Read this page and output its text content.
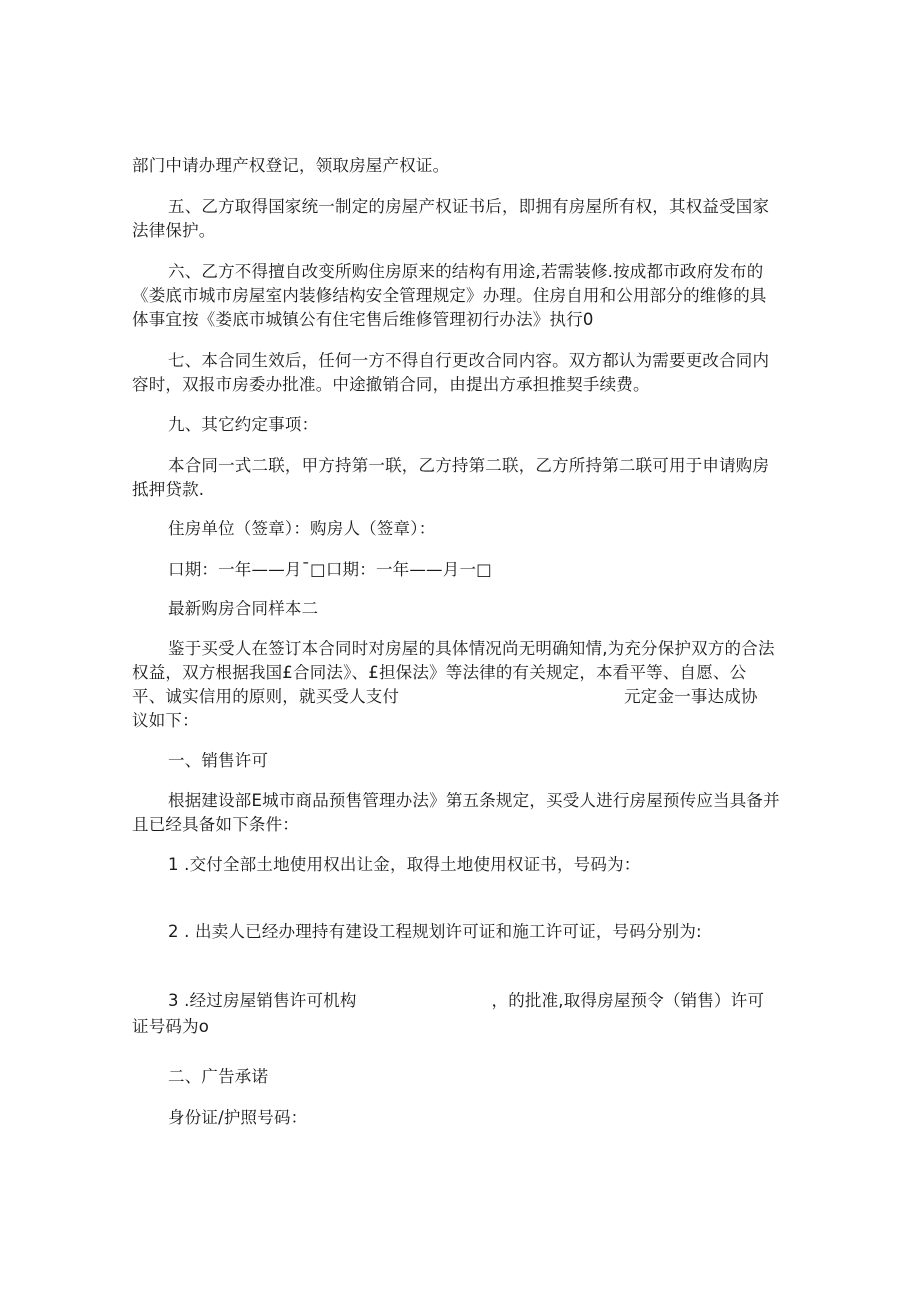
部门中请办理产权登记，领取房屋产权证。
五、乙方取得国家统一制定的房屋产权证书后，即拥有房屋所有权，其权益受国家
法律保护。
六、乙方不得擅自改变所购住房原来的结构有用途,若需装修.按成都市政府发布的
《娄底市城市房屋室内装修结构安全管理规定》办理。住房自用和公用部分的维修的具
体事宜按《娄底市城镇公有住宅售后维修管理初行办法》执行0
七、本合同生效后，任何一方不得自行更改合同内容。双方都认为需要更改合同内
容时，双报市房委办批准。中途撤销合同，由提出方承担推契手续费。
九、其它约定事项：
本合同一式二联，甲方持第一联，乙方持第二联，乙方所持第二联可用于申请购房
抵押贷款.
住房单位（签章）：购房人（签章）：
口期：一年——月¯□口期：一年——月一□
最新购房合同样本二
鉴于买受人在签订本合同时对房屋的具体情况尚无明确知情,为充分保护双方的合法
权益，双方根据我国£合同法》、£担保法》等法律的有关规定，本看平等、自愿、公
平、诚实信用的原则，就买受人支付	元定金一事达成协
议如下：
一、销售许可
根据建设部E城市商品预售管理办法》第五条规定，买受人进行房屋预传应当具备并
且已经具备如下条件：
1 .交付全部土地使用权出让金，取得土地使用权证书，号码为：
2 . 出卖人已经办理持有建设工程规划许可证和施工许可证，号码分别为:
3 .经过房屋销售许可机构	，的批准,取得房屋预令（销售）许可
证号码为o
二、广告承诺
身份证/护照号码：
